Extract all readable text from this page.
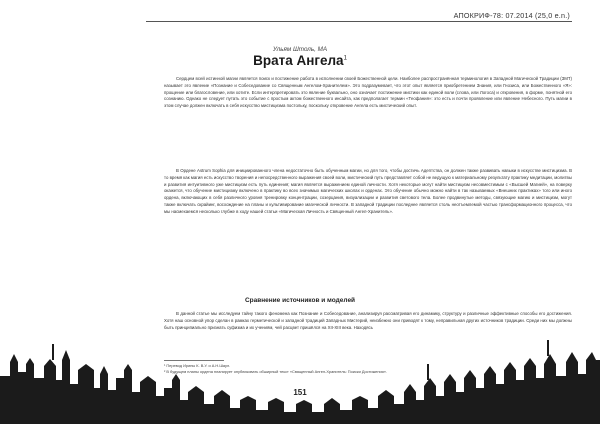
АПОКРИФ-78: 07.2014 (25,0 e.n.)
Ульям Штоль, МА
Врата Ангела$^1$

Сердцем всей истинной магии является поиск и постижение работа в исполнении своей Божественной цели. Наиболее распространённая терминология в Западной Магической Традиции (ЗМТ) называет это явление «Познание и Собеседование со Священным Ангелом-Хранителем». Это подразумевает, что этот опыт является приобретением Знания, или Гнозиса, или Божественного «Я»: прощение или благословение, или хотите. Если интерпретировать это явление буквально, оно означает постижение мистики как единой воли (слова, или Логоса) и откровения, в форме, понятной его сознанию. Однако не следует путать это событие с простым актом божественного инсайта, как предполагает термин «Теофания»: это есть и почти проявление или явление Небесного. Путь магии в этом случае должен включать в себя искусство мистицизма постольку, поскольку откровение Ангела есть мистический опыт.

В Ордене Astrum Sophia для инициированного члена недостаточно быть обученным магии, но для того, чтобы достичь Адептства, он должен также развивать навыки в искусстве мистицизма. В то время как магия есть искусство творения и непосредственного выражения своей воли, мистический путь представляет собой не ведущую к материальному результату практику медитации, молитвы и развития интуитивного уже мистицизм есть путь единения; магия является выражением единой личности. Хотя некоторые могут найти мистицизм несовместимым с «Высшей Магией», на поверку окажется, что обучение мистицизму включено в практику во всех значимых магических школах и орденах. Это обучение обычно можно найти в так называемых «Внешних практиках» того или иного ордена, включающих в себя различного уровня тренировку концентрации, созерцания, визуализации и развития светового тела. Более продвинутые методы, связующие магию и мистицизм, могут также включать скрайинг, восхождение на планы и культивирование магической личности. В западной традиции последнее является столь неотъемлемой частью трансформационного процесса, что мы насмехаемся несколько глубже в ходу нашей статьи «Магическая Личность и Священный Ангел-Хранитель».

Сравнение источников и моделей

В данной статье мы исследуем тайну такого феномена как Познание и Собеседование, анализируя рассматривая его динамику, структуру и различные эффективные способы его достижения. Хотя наш основной упор сделан в рамках герметической и западной традиций Западных Мистерий, неизбежно они приводят к тому, неправильная других источников традиции. Среди них мы должны быть принципиально признать суфизма и их учениям, чей расцвет пришёлся на XII-XIII века. Находясь

¹ Перевод Ирины К. В.У. и А.Н.Шаул.
² В будущем планы ордена планирует опубликовать обширный текст «Священный Ангел-Хранитель: Поиски Достижения».
151
